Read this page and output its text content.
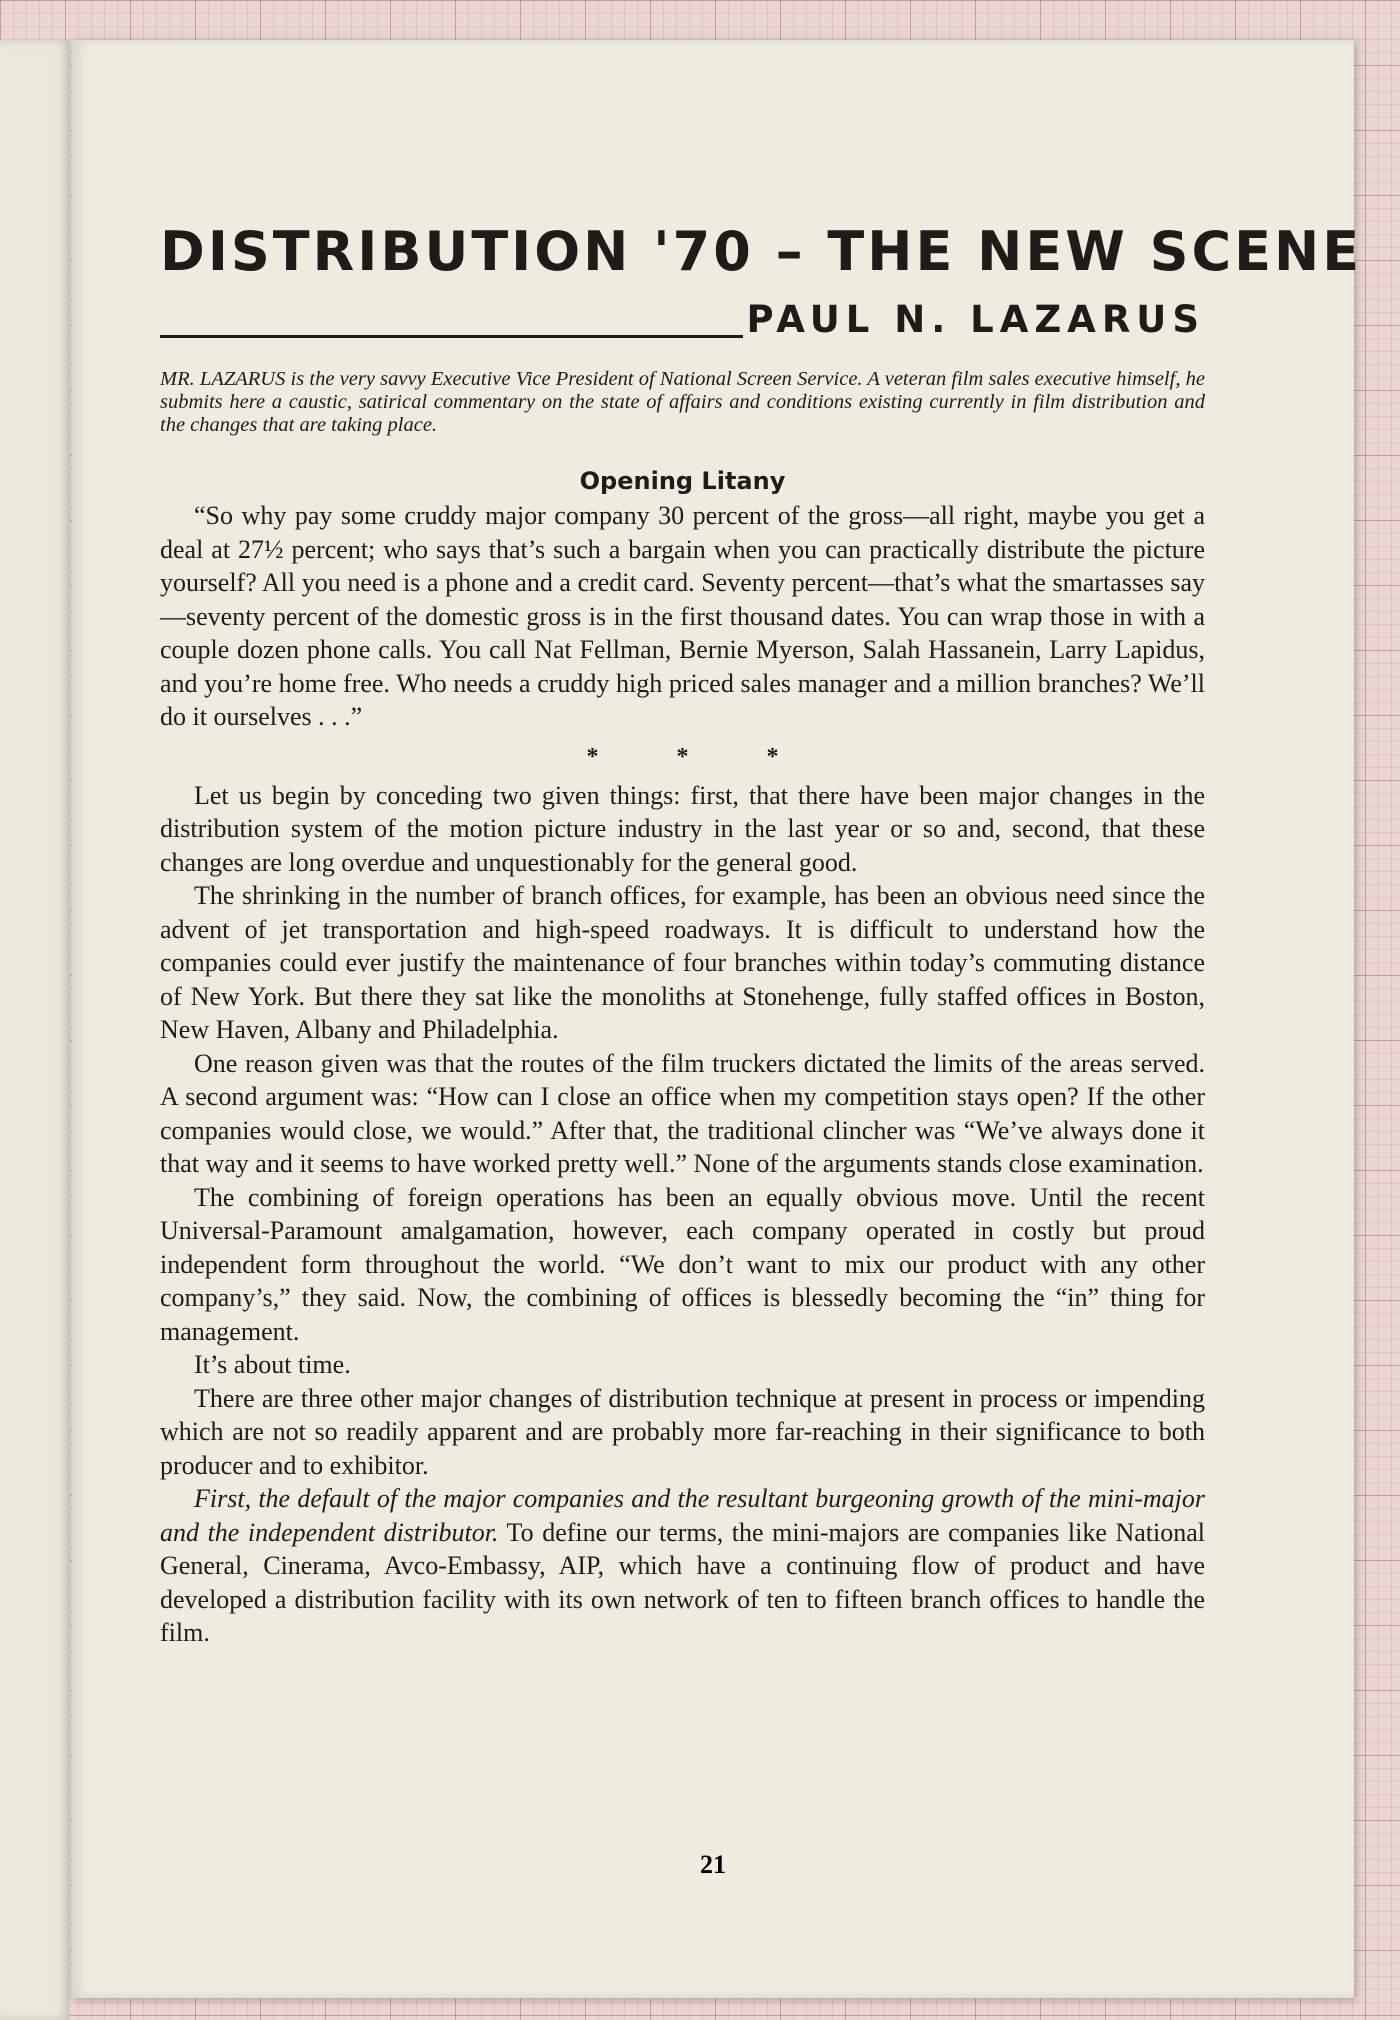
DISTRIBUTION '70 – THE NEW SCENE
PAUL N. LAZARUS

MR. LAZARUS is the very savvy Executive Vice President of National Screen Service. A veteran film sales executive himself, he submits here a caustic, satirical commentary on the state of affairs and conditions existing currently in film distribution and the changes that are taking place.

Opening Litany

“So why pay some cruddy major company 30 percent of the gross—all right, maybe you get a deal at 27½ percent; who says that’s such a bargain when you can practically distribute the picture yourself? All you need is a phone and a credit card. Seventy percent—that’s what the smartasses say—seventy percent of the domestic gross is in the first thousand dates. You can wrap those in with a couple dozen phone calls. You call Nat Fellman, Bernie Myerson, Salah Hassanein, Larry Lapidus, and you’re home free. Who needs a cruddy high priced sales manager and a million branches? We’ll do it ourselves . . .”

* * *

Let us begin by conceding two given things: first, that there have been major changes in the distribution system of the motion picture industry in the last year or so and, second, that these changes are long overdue and unquestionably for the general good.

The shrinking in the number of branch offices, for example, has been an obvious need since the advent of jet transportation and high-speed roadways. It is difficult to understand how the companies could ever justify the maintenance of four branches within today’s commuting distance of New York. But there they sat like the monoliths at Stonehenge, fully staffed offices in Boston, New Haven, Albany and Philadelphia.

One reason given was that the routes of the film truckers dictated the limits of the areas served. A second argument was: “How can I close an office when my competition stays open? If the other companies would close, we would.” After that, the traditional clincher was “We’ve always done it that way and it seems to have worked pretty well.” None of the arguments stands close examination.

The combining of foreign operations has been an equally obvious move. Until the recent Universal-Paramount amalgamation, however, each company operated in costly but proud independent form throughout the world. “We don’t want to mix our product with any other company’s,” they said. Now, the combining of offices is blessedly becoming the “in” thing for management.

It’s about time.

There are three other major changes of distribution technique at present in process or impending which are not so readily apparent and are probably more far-reaching in their significance to both producer and to exhibitor.

First, the default of the major companies and the resultant burgeoning growth of the mini-major and the independent distributor. To define our terms, the mini-majors are companies like National General, Cinerama, Avco-Embassy, AIP, which have a continuing flow of product and have developed a distribution facility with its own network of ten to fifteen branch offices to handle the film.

21
